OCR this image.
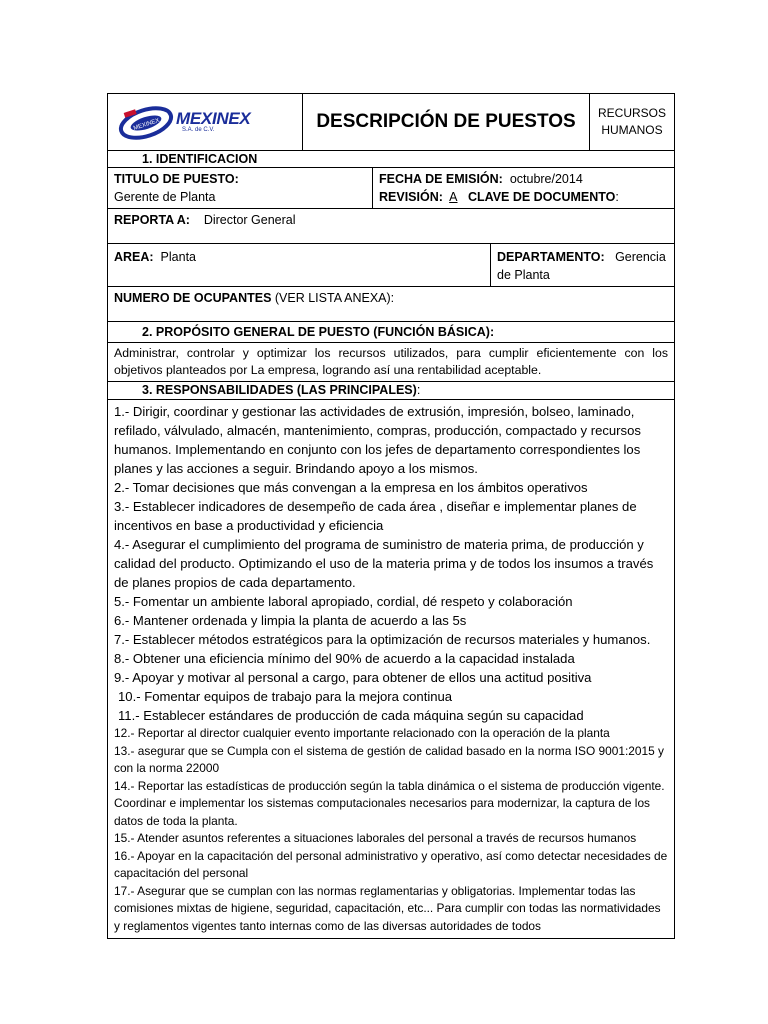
MEXINEX MEXINEX
S.A. de C.V.	DESCRIPCIÓN DE PUESTOS	RECURSOS
HUMANOS
1. IDENTIFICACION
TITULO DE PUESTO:
Gerente de Planta
FECHA DE EMISIÓN: octubre/2014
REVISIÓN: A CLAVE DE DOCUMENTO:
REPORTA A: Director General
AREA: Planta	DEPARTAMENTO: Gerencia de Planta
NUMERO DE OCUPANTES (VER LISTA ANEXA):
2. PROPÓSITO GENERAL DE PUESTO (FUNCIÓN BÁSICA):
Administrar, controlar y optimizar los recursos utilizados, para cumplir eficientemente con los objetivos planteados por La empresa, logrando así una rentabilidad aceptable.
3. RESPONSABILIDADES (LAS PRINCIPALES):

1.- Dirigir, coordinar y gestionar las actividades de extrusión, impresión, bolseo, laminado, refilado, válvulado, almacén, mantenimiento, compras, producción, compactado y recursos humanos. Implementando en conjunto con los jefes de departamento correspondientes los planes y las acciones a seguir. Brindando apoyo a los mismos.

2.- Tomar decisiones que más convengan a la empresa en los ámbitos operativos

3.- Establecer indicadores de desempeño de cada área , diseñar e implementar planes de incentivos en base a productividad y eficiencia

4.- Asegurar el cumplimiento del programa de suministro de materia prima, de producción y calidad del producto. Optimizando el uso de la materia prima y de todos los insumos a través de planes propios de cada departamento.

5.- Fomentar un ambiente laboral apropiado, cordial, dé respeto y colaboración

6.- Mantener ordenada y limpia la planta de acuerdo a las 5s

7.- Establecer métodos estratégicos para la optimización de recursos materiales y humanos.

8.- Obtener una eficiencia mínimo del 90% de acuerdo a la capacidad instalada

9.- Apoyar y motivar al personal a cargo, para obtener de ellos una actitud positiva

10.- Fomentar equipos de trabajo para la mejora continua

11.- Establecer estándares de producción de cada máquina según su capacidad

12.- Reportar al director cualquier evento importante relacionado con la operación de la planta

13.- asegurar que se Cumpla con el sistema de gestión de calidad basado en la norma ISO 9001:2015 y con la norma 22000

14.- Reportar las estadísticas de producción según la tabla dinámica o el sistema de producción vigente. Coordinar e implementar los sistemas computacionales necesarios para modernizar, la captura de los datos de toda la planta.

15.- Atender asuntos referentes a situaciones laborales del personal a través de recursos humanos

16.- Apoyar en la capacitación del personal administrativo y operativo, así como detectar necesidades de capacitación del personal

17.- Asegurar que se cumplan con las normas reglamentarias y obligatorias. Implementar todas las comisiones mixtas de higiene, seguridad, capacitación, etc... Para cumplir con todas las normatividades y reglamentos vigentes tanto internas como de las diversas autoridades de todos
